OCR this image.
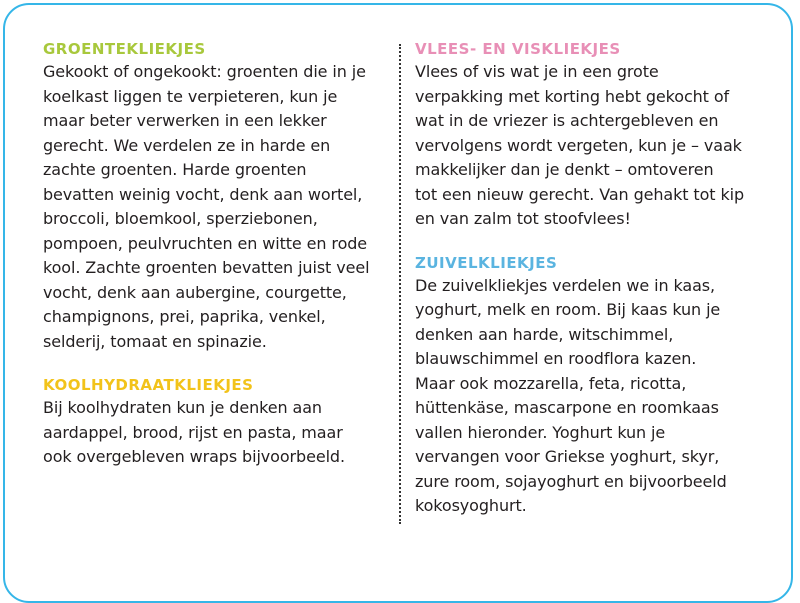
GROENTEKLIEKJES

Gekookt of ongekookt: groenten die in je
koelkast liggen te verpieteren, kun je
maar beter verwerken in een lekker
gerecht. We verdelen ze in harde en
zachte groenten. Harde groenten
bevatten weinig vocht, denk aan wortel,
broccoli, bloemkool, sperziebonen,
pompoen, peulvruchten en witte en rode
kool. Zachte groenten bevatten juist veel
vocht, denk aan aubergine, courgette,
champignons, prei, paprika, venkel,
selderij, tomaat en spinazie.

KOOLHYDRAATKLIEKJES

Bij koolhydraten kun je denken aan
aardappel, brood, rijst en pasta, maar
ook overgebleven wraps bijvoorbeeld.

VLEES- EN VISKLIEKJES

Vlees of vis wat je in een grote
verpakking met korting hebt gekocht of
wat in de vriezer is achtergebleven en
vervolgens wordt vergeten, kun je – vaak
makkelijker dan je denkt – omtoveren
tot een nieuw gerecht. Van gehakt tot kip
en van zalm tot stoofvlees!

ZUIVELKLIEKJES

De zuivelkliekjes verdelen we in kaas,
yoghurt, melk en room. Bij kaas kun je
denken aan harde, witschimmel,
blauwschimmel en roodflora kazen.
Maar ook mozzarella, feta, ricotta,
hüttenkäse, mascarpone en roomkaas
vallen hieronder. Yoghurt kun je
vervangen voor Griekse yoghurt, skyr,
zure room, sojayoghurt en bijvoorbeeld
kokosyoghurt.
